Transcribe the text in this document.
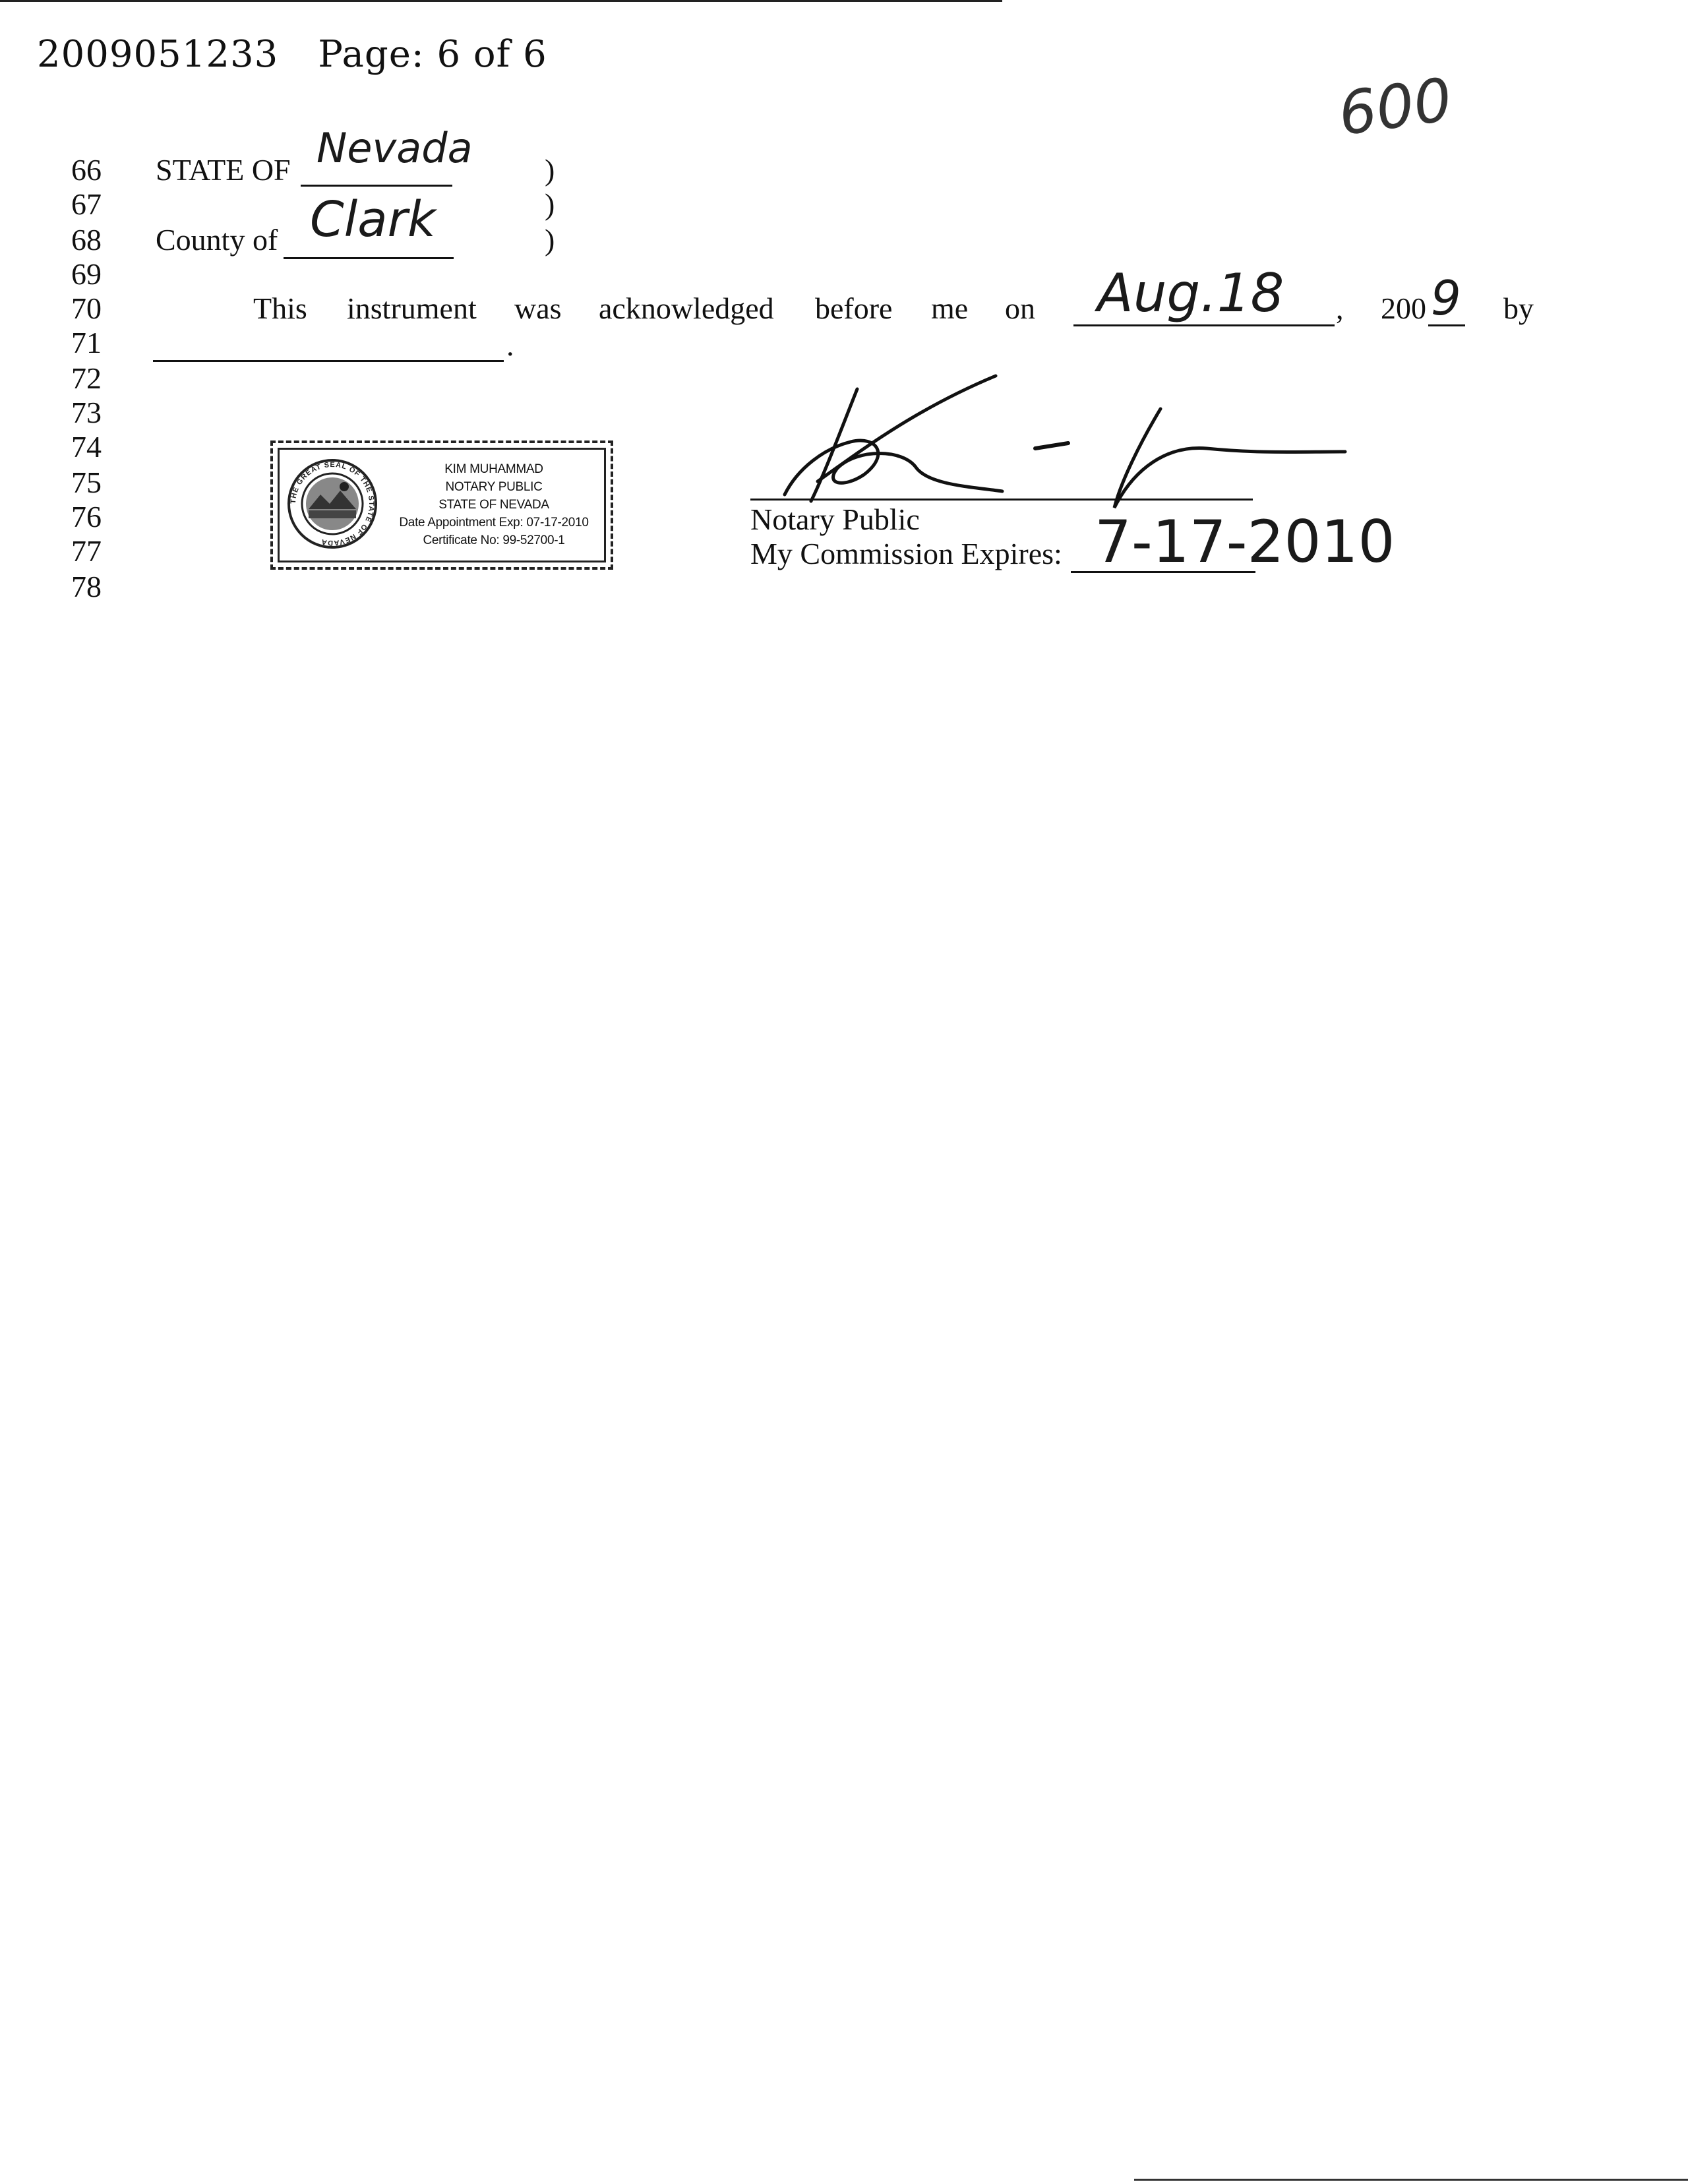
2009051233 Page: 6 of 6
600
66
67
68
69
70
71
72
73
74
75
76
77
78
STATE OF Nevada )
)
County of Clark	)
This instrument was acknowledged before me on Aug.18 , 200 9 by
.
THE GREAT SEAL OF THE STATE OF NEVADA
KIM MUHAMMAD
NOTARY PUBLIC
STATE OF NEVADA
Date Appointment Exp: 07-17-2010
Certificate No: 99-52700-1
Notary Public
My Commission Expires: 7-17-2010
